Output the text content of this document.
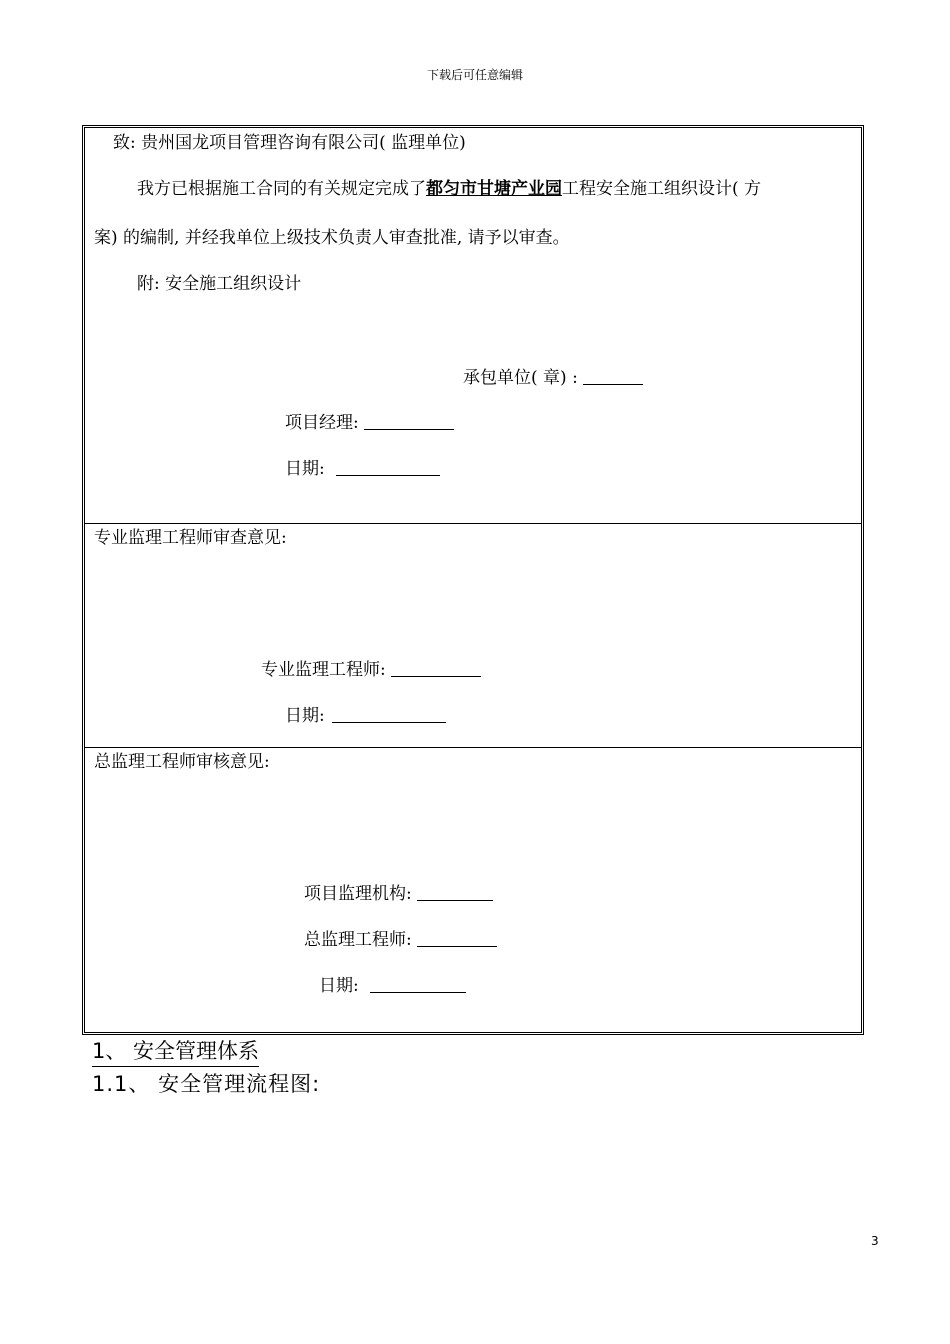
下载后可任意编辑
致: 贵州国龙项目管理咨询有限公司( 监理单位)
我方已根据施工合同的有关规定完成了都匀市甘塘产业园工程安全施工组织设计( 方
案) 的编制, 并经我单位上级技术负责人审查批准, 请予以审查。
附: 安全施工组织设计
承包单位( 章) :
项目经理:
日期:
专业监理工程师审查意见:
专业监理工程师:
日期:
总监理工程师审核意见:
项目监理机构:
总监理工程师:
日期:
1、 安全管理体系
1.1、 安全管理流程图:
3
